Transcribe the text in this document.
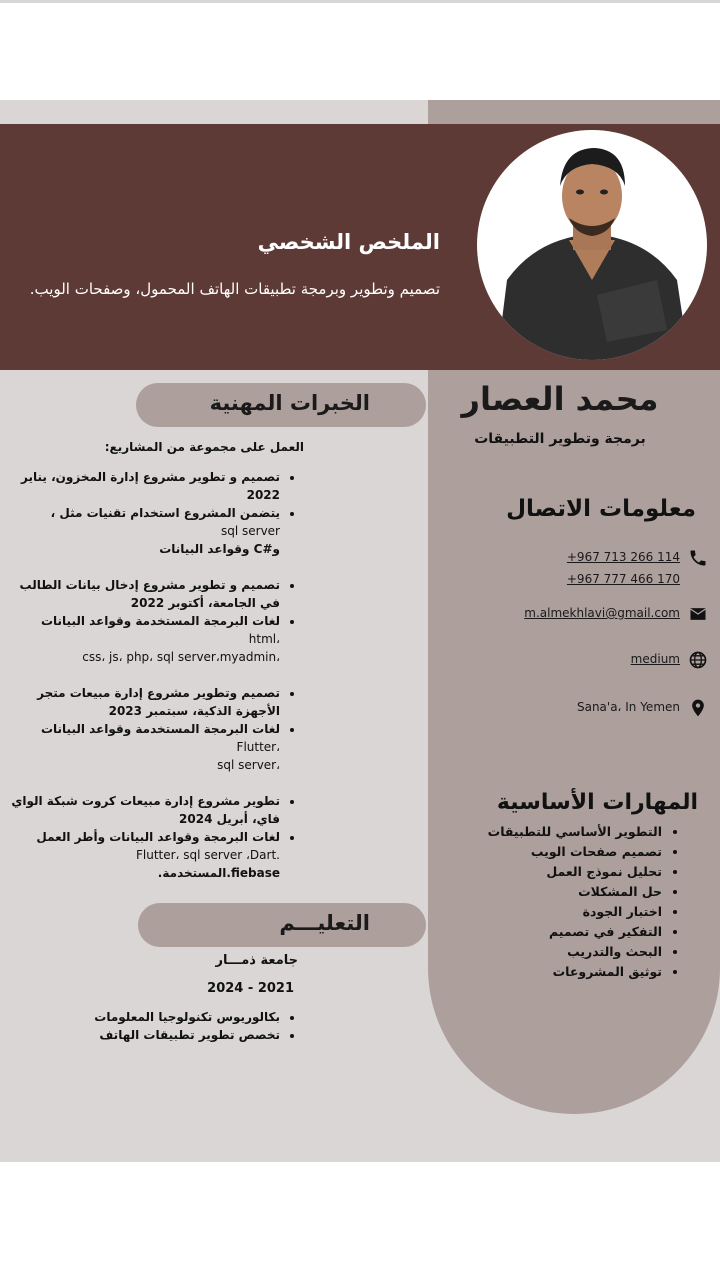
الملخص الشخصي

تصميم وتطوير وبرمجة تطبيقات الهاتف المحمول، وصفحات الويب.

محمد العصار

برمجة وتطوير التطبيقات

معلومات الاتصال
+967 713 266 114
+967 777 466 170
m.almekhlavi@gmail.com
medium
Sana'a، In Yemen
المهارات الأساسية
• التطوير الأساسي للتطبيقات
• تصميم صفحات الويب
• تحليل نموذج العمل
• حل المشكلات
• اختبار الجودة
• التفكير في تصميم
• البحث والتدريب
• توثيق المشروعات
الخبرات المهنية

العمل على مجموعة من المشاريع:

• تصميم و تطوير مشروع إدارة المخزون، يناير 2022
• يتضمن المشروع استخدام تقنيات مثل ،
sql server
و#C وقواعد البيانات
• تصميم و تطوير مشروع إدخال بيانات الطالب في الجامعة، أكتوبر 2022
• لغات البرمجة المستخدمة وقواعد البيانات
،html
،css، js، php، sql server،myadmin
• تصميم وتطوير مشروع إدارة مبيعات متجر الأجهزة الذكية، سبتمبر 2023
• لغات البرمجة المستخدمة وقواعد البيانات
،Flutter
،sql server
• تطوير مشروع إدارة مبيعات كروت شبكة الواي فاي، أبريل 2024
• لغات البرمجة وقواعد البيانات وأطر العمل
.Flutter، sql server ،Dart
fiebase.المستخدمة.
التعليـــم

جامعة ذمـــار

2021 - 2024

• بكالوريوس تكنولوجيا المعلومات
• تخصص تطوير تطبيقات الهاتف
